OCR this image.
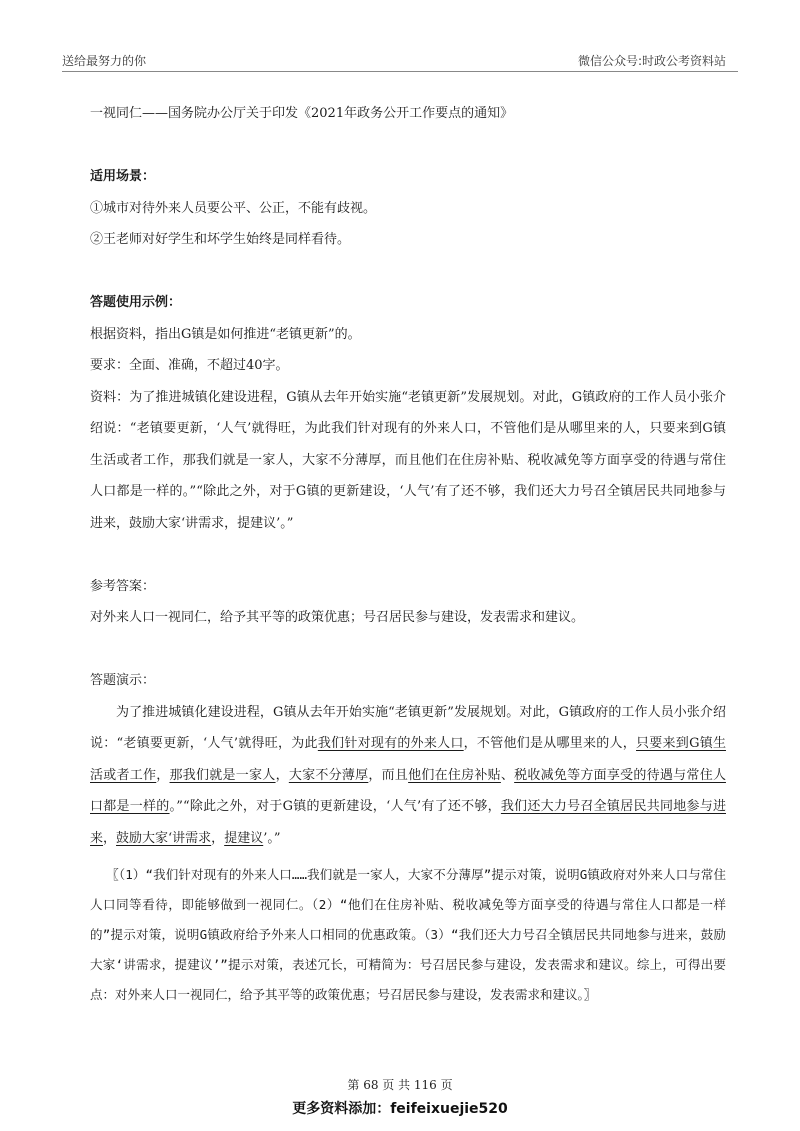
送给最努力的你	微信公众号:时政公考资料站

一视同仁——国务院办公厅关于印发《2021年政务公开工作要点的通知》

适用场景：

①城市对待外来人员要公平、公正，不能有歧视。

②王老师对好学生和坏学生始终是同样看待。

答题使用示例：

根据资料，指出G镇是如何推进“老镇更新”的。

要求：全面、准确，不超过40字。

资料：为了推进城镇化建设进程，G镇从去年开始实施“老镇更新”发展规划。对此，G镇政府的工作人员小张介绍说：“老镇要更新，‘人气’就得旺，为此我们针对现有的外来人口，不管他们是从哪里来的人，只要来到G镇生活或者工作，那我们就是一家人，大家不分薄厚，而且他们在住房补贴、税收减免等方面享受的待遇与常住人口都是一样的。”“除此之外，对于G镇的更新建设，‘人气’有了还不够，我们还大力号召全镇居民共同地参与进来，鼓励大家‘讲需求，提建议’。”

参考答案：

对外来人口一视同仁，给予其平等的政策优惠；号召居民参与建设，发表需求和建议。

答题演示：

为了推进城镇化建设进程，G镇从去年开始实施“老镇更新”发展规划。对此，G镇政府的工作人员小张介绍说：“老镇要更新，‘人气’就得旺，为此我们针对现有的外来人口，不管他们是从哪里来的人，只要来到G镇生活或者工作，那我们就是一家人，大家不分薄厚，而且他们在住房补贴、税收减免等方面享受的待遇与常住人口都是一样的。”“除此之外，对于G镇的更新建设，‘人气’有了还不够，我们还大力号召全镇居民共同地参与进来，鼓励大家‘讲需求，提建议’。”

〖（1）“我们针对现有的外来人口……我们就是一家人，大家不分薄厚”提示对策，说明G镇政府对外来人口与常住人口同等看待，即能够做到一视同仁。（2）“他们在住房补贴、税收减免等方面享受的待遇与常住人口都是一样的”提示对策，说明G镇政府给予外来人口相同的优惠政策。（3）“我们还大力号召全镇居民共同地参与进来，鼓励大家‘讲需求，提建议’”提示对策，表述冗长，可精简为：号召居民参与建设，发表需求和建议。综上，可得出要点：对外来人口一视同仁，给予其平等的政策优惠；号召居民参与建设，发表需求和建议。〗

第 68 页 共 116 页
更多资料添加：feifeixuejie520
